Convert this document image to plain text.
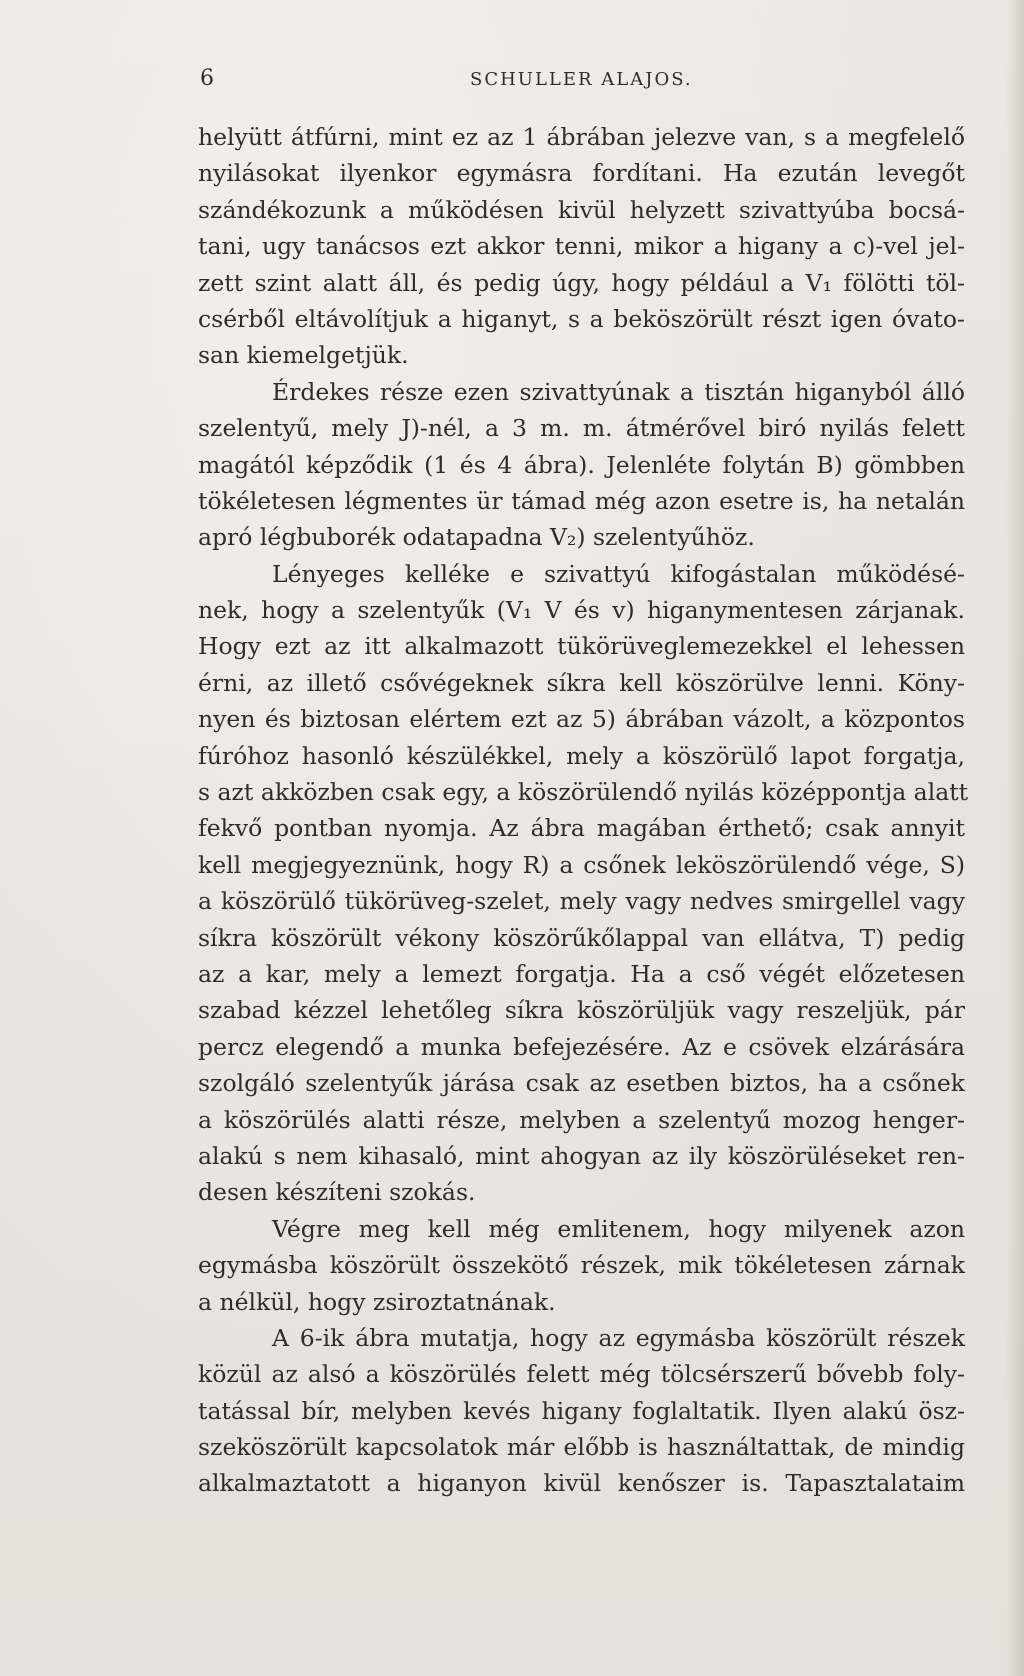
6	SCHULLER ALAJOS.
helyütt átfúrni, mint ez az 1 ábrában jelezve van, s a megfelelő
nyilásokat ilyenkor egymásra fordítani. Ha ezután levegőt
szándékozunk a működésen kivül helyzett szivattyúba bocsá-
tani, ugy tanácsos ezt akkor tenni, mikor a higany a c)-vel jel-
zett szint alatt áll, és pedig úgy, hogy például a V₁ fölötti töl-
csérből eltávolítjuk a higanyt, s a beköszörült részt igen óvato-
san kiemelgetjük.
Érdekes része ezen szivattyúnak a tisztán higanyból álló
szelentyű, mely J)-nél, a 3 m. m. átmérővel biró nyilás felett
magától képződik (1 és 4 ábra). Jelenléte folytán B) gömbben
tökéletesen légmentes ür támad még azon esetre is, ha netalán
apró légbuborék odatapadna V₂) szelentyűhöz.
Lényeges kelléke e szivattyú kifogástalan működésé-
nek, hogy a szelentyűk (V₁ V és v) higanymentesen zárjanak.
Hogy ezt az itt alkalmazott tükörüveglemezekkel el lehessen
érni, az illető csővégeknek síkra kell köszörülve lenni. Köny-
nyen és biztosan elértem ezt az 5) ábrában vázolt, a központos
fúróhoz hasonló készülékkel, mely a köszörülő lapot forgatja,
s azt akközben csak egy, a köszörülendő nyilás középpontja alatt
fekvő pontban nyomja. Az ábra magában érthető; csak annyit
kell megjegyeznünk, hogy R) a csőnek leköszörülendő vége, S)
a köszörülő tükörüveg-szelet, mely vagy nedves smirgellel vagy
síkra köszörült vékony köszörűkőlappal van ellátva, T) pedig
az a kar, mely a lemezt forgatja. Ha a cső végét előzetesen
szabad kézzel lehetőleg síkra köszörüljük vagy reszeljük, pár
percz elegendő a munka befejezésére. Az e csövek elzárására
szolgáló szelentyűk járása csak az esetben biztos, ha a csőnek
a köszörülés alatti része, melyben a szelentyű mozog henger-
alakú s nem kihasaló, mint ahogyan az ily köszörüléseket ren-
desen készíteni szokás.
Végre meg kell még emlitenem, hogy milyenek azon
egymásba köszörült összekötő részek, mik tökéletesen zárnak
a nélkül, hogy zsiroztatnának.
A 6-ik ábra mutatja, hogy az egymásba köszörült részek
közül az alsó a köszörülés felett még tölcsérszerű bővebb foly-
tatással bír, melyben kevés higany foglaltatik. Ilyen alakú ösz-
szeköszörült kapcsolatok már előbb is használtattak, de mindig
alkalmaztatott a higanyon kivül kenőszer is. Tapasztalataim
